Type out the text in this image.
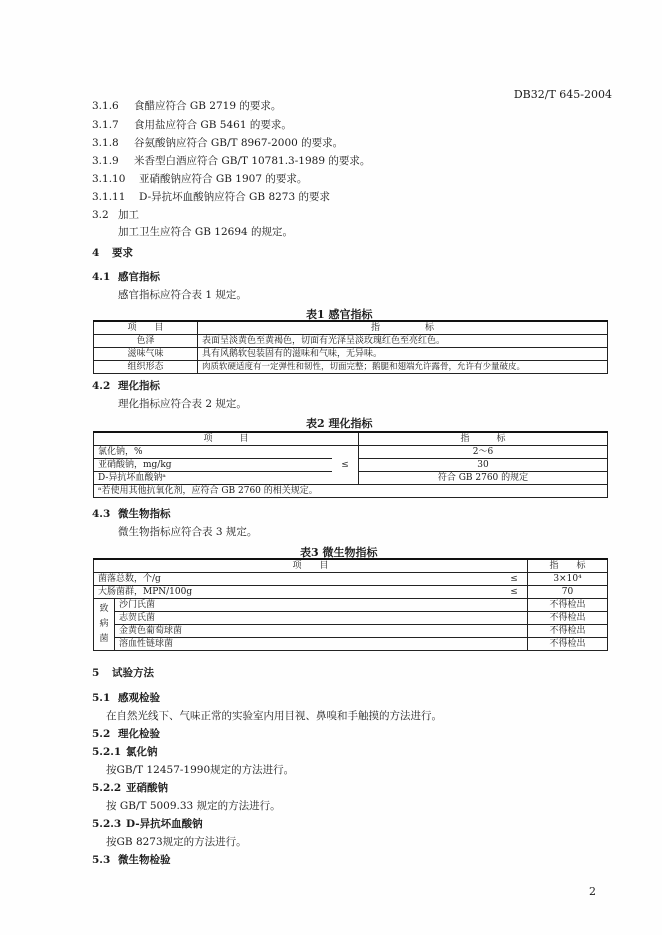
DB32/T 645-2004
3.1.6 食醋应符合 GB 2719 的要求。
3.1.7 食用盐应符合 GB 5461 的要求。
3.1.8 谷氨酸钠应符合 GB/T 8967-2000 的要求。
3.1.9 米香型白酒应符合 GB/T 10781.3-1989 的要求。
3.1.10 亚硝酸钠应符合 GB 1907 的要求。
3.1.11 D-异抗坏血酸钠应符合 GB 8273 的要求
3.2 加工
加工卫生应符合 GB 12694 的规定。
4 要求
4.1 感官指标
感官指标应符合表 1 规定。
表1 感官指标
项　　目	指　　　　　标
色泽	表面呈淡黄色至黄褐色，切面有光泽呈淡玫瑰红色至亮红色。
滋味气味	具有风鹅软包装固有的滋味和气味，无异味。
组织形态	肉质软硬适度有一定弹性和韧性，切面完整；鹅腿和翅端允许露骨，允许有少量破皮。
4.2 理化指标
理化指标应符合表 2 规定。
表2 理化指标
项　　　目		指　　　标
氯化钠，%	≤	2～6
亚硝酸钠，mg/kg		30
D-异抗坏血酸钠ᵃ		符合 GB 2760 的规定
ᵃ若使用其他抗氧化剂，应符合 GB 2760 的相关规定。		
4.3 微生物指标
微生物指标应符合表 3 规定。
表3 微生物指标
项　　目			指　　标
菌落总数，个/g		≤	3×10⁴
大肠菌群，MPN/100g		≤	70

致
病
菌	沙门氏菌		不得检出
	志贺氏菌		不得检出
	金黄色葡萄球菌		不得检出
	溶血性链球菌		不得检出
5 试验方法
5.1 感观检验
在自然光线下、气味正常的实验室内用目视、鼻嗅和手触摸的方法进行。
5.2 理化检验
5.2.1 氯化钠
按GB/T 12457-1990规定的方法进行。
5.2.2 亚硝酸钠
按 GB/T 5009.33 规定的方法进行。
5.2.3 D-异抗坏血酸钠
按GB 8273规定的方法进行。
5.3 微生物检验
2
